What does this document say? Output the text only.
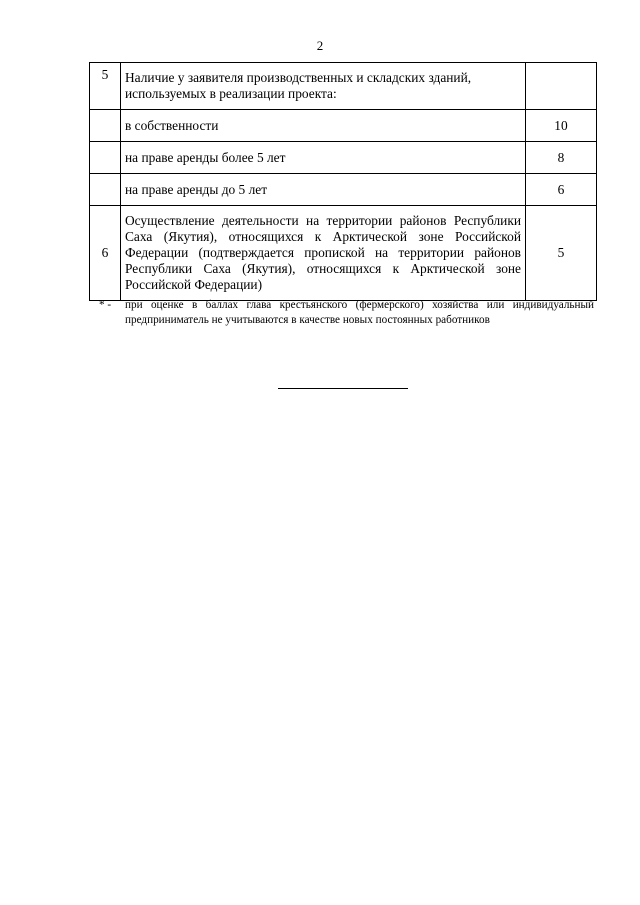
2
5	Наличие у заявителя производственных и складских зданий, используемых в реализации проекта:	
	в собственности	10
	на праве аренды более 5 лет	8
	на праве аренды до 5 лет	6
6	Осуществление деятельности на территории районов Республики Саха (Якутия), относящихся к Арктической зоне Российской Федерации (подтверждается пропиской на территории районов Республики Саха (Якутия), относящихся к Арктической зоне Российской Федерации)	5
* - при оценке в баллах глава крестьянского (фермерского) хозяйства или индивидуальный предприниматель не учитываются в качестве новых постоянных работников
